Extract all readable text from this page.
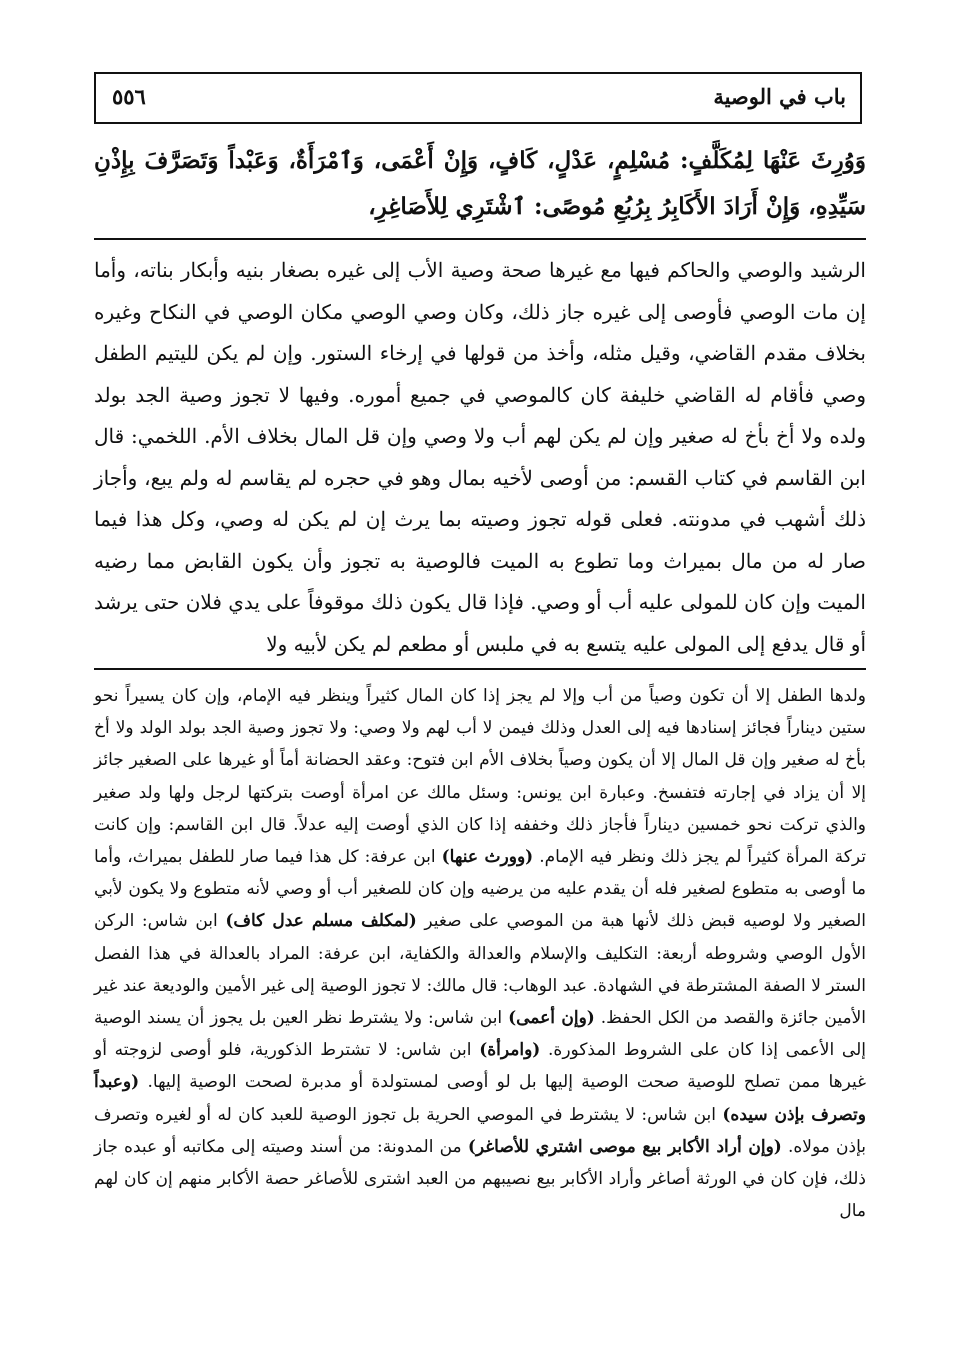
باب في الوصية
٥٥٦

وَوُرِثَ عَنْهَا لِمُكَلَّفٍ: مُسْلِمٍ، عَدْلٍ، كَافٍ، وَإِنْ أَعْمَى، وَٱمْرَأَةٌ، وَعَبْداً وَتَصَرَّفَ بِإِذْنِ سَيِّدِهِ، وَإِنْ أَرَادَ الأَكَابِرُ بِرُبُعِ مُوصًى: ٱشْتَرِي لِلأَصَاغِرِ،

الرشيد والوصي والحاكم فيها مع غيرها صحة وصية الأب إلى غيره بصغار بنيه وأبكار بناته، وأما إن مات الوصي فأوصى إلى غيره جاز ذلك، وكان وصي الوصي مكان الوصي في النكاح وغيره بخلاف مقدم القاضي، وقيل مثله، وأخذ من قولها في إرخاء الستور. وإن لم يكن لليتيم الطفل وصي فأقام له القاضي خليفة كان كالموصي في جميع أموره. وفيها لا تجوز وصية الجد بولد ولده ولا أخ بأخ له صغير وإن لم يكن لهم أب ولا وصي وإن قل المال بخلاف الأم. اللخمي: قال ابن القاسم في كتاب القسم: من أوصى لأخيه بمال وهو في حجره لم يقاسم له ولم يبع، وأجاز ذلك أشهب في مدونته. فعلى قوله تجوز وصيته بما يرث إن لم يكن له وصي، وكل هذا فيما صار له من مال بميراث وما تطوع به الميت فالوصية به تجوز وأن يكون القابض مما رضيه الميت وإن كان للمولى عليه أب أو وصي. فإذا قال يكون ذلك موقوفاً على يدي فلان حتى يرشد أو قال يدفع إلى المولى عليه يتسع به في ملبس أو مطعم لم يكن لأبيه ولا

ولدها الطفل إلا أن تكون وصياً من أب وإلا لم يجز إذا كان المال كثيراً وينظر فيه الإمام، وإن كان يسيراً نحو ستين ديناراً فجائز إسنادها فيه إلى العدل وذلك فيمن لا أب لهم ولا وصي: ولا تجوز وصية الجد بولد الولد ولا أخ بأخ له صغير وإن قل المال إلا أن يكون وصياً بخلاف الأم ابن فتوح: وعقد الحضانة أماً أو غيرها على الصغير جائز إلا أن يزاد في إجارته فتفسخ. وعبارة ابن يونس: وسئل مالك عن امرأة أوصت بتركتها لرجل ولها ولد صغير والذي تركت نحو خمسين ديناراً فأجاز ذلك وخففه إذا كان الذي أوصت إليه عدلاً. قال ابن القاسم: وإن كانت تركة المرأة كثيراً لم يجز ذلك ونظر فيه الإمام. (وورث عنها) ابن عرفة: كل هذا فيما صار للطفل بميراث، وأما ما أوصى به متطوع لصغير فله أن يقدم عليه من يرضيه وإن كان للصغير أب أو وصي لأنه متطوع ولا يكون لأبي الصغير ولا لوصيه قبض ذلك لأنها هبة من الموصي على صغير (لمكلف مسلم عدل كاف) ابن شاس: الركن الأول الوصي وشروطه أربعة: التكليف والإسلام والعدالة والكفاية، ابن عرفة: المراد بالعدالة في هذا الفصل الستر لا الصفة المشترطة في الشهادة. عبد الوهاب: قال مالك: لا تجوز الوصية إلى غير الأمين والوديعة عند غير الأمين جائزة والقصد من الكل الحفظ. (وإن أعمى) ابن شاس: ولا يشترط نظر العين بل يجوز أن يسند الوصية إلى الأعمى إذا كان على الشروط المذكورة. (وامرأة) ابن شاس: لا تشترط الذكورية، فلو أوصى لزوجته أو غيرها ممن تصلح للوصية صحت الوصية إليها بل لو أوصى لمستولدة أو مدبرة لصحت الوصية إليها. (وعبداً وتصرف بإذن سيده) ابن شاس: لا يشترط في الموصي الحرية بل تجوز الوصية للعبد كان له أو لغيره وتصرف بإذن مولاه. (وإن أراد الأكابر بيع موصى اشتري للأصاغر) من المدونة: من أسند وصيته إلى مكاتبه أو عبده جاز ذلك، فإن كان في الورثة أصاغر وأراد الأكابر بيع نصيبهم من العبد اشترى للأصاغر حصة الأكابر منهم إن كان لهم مال
